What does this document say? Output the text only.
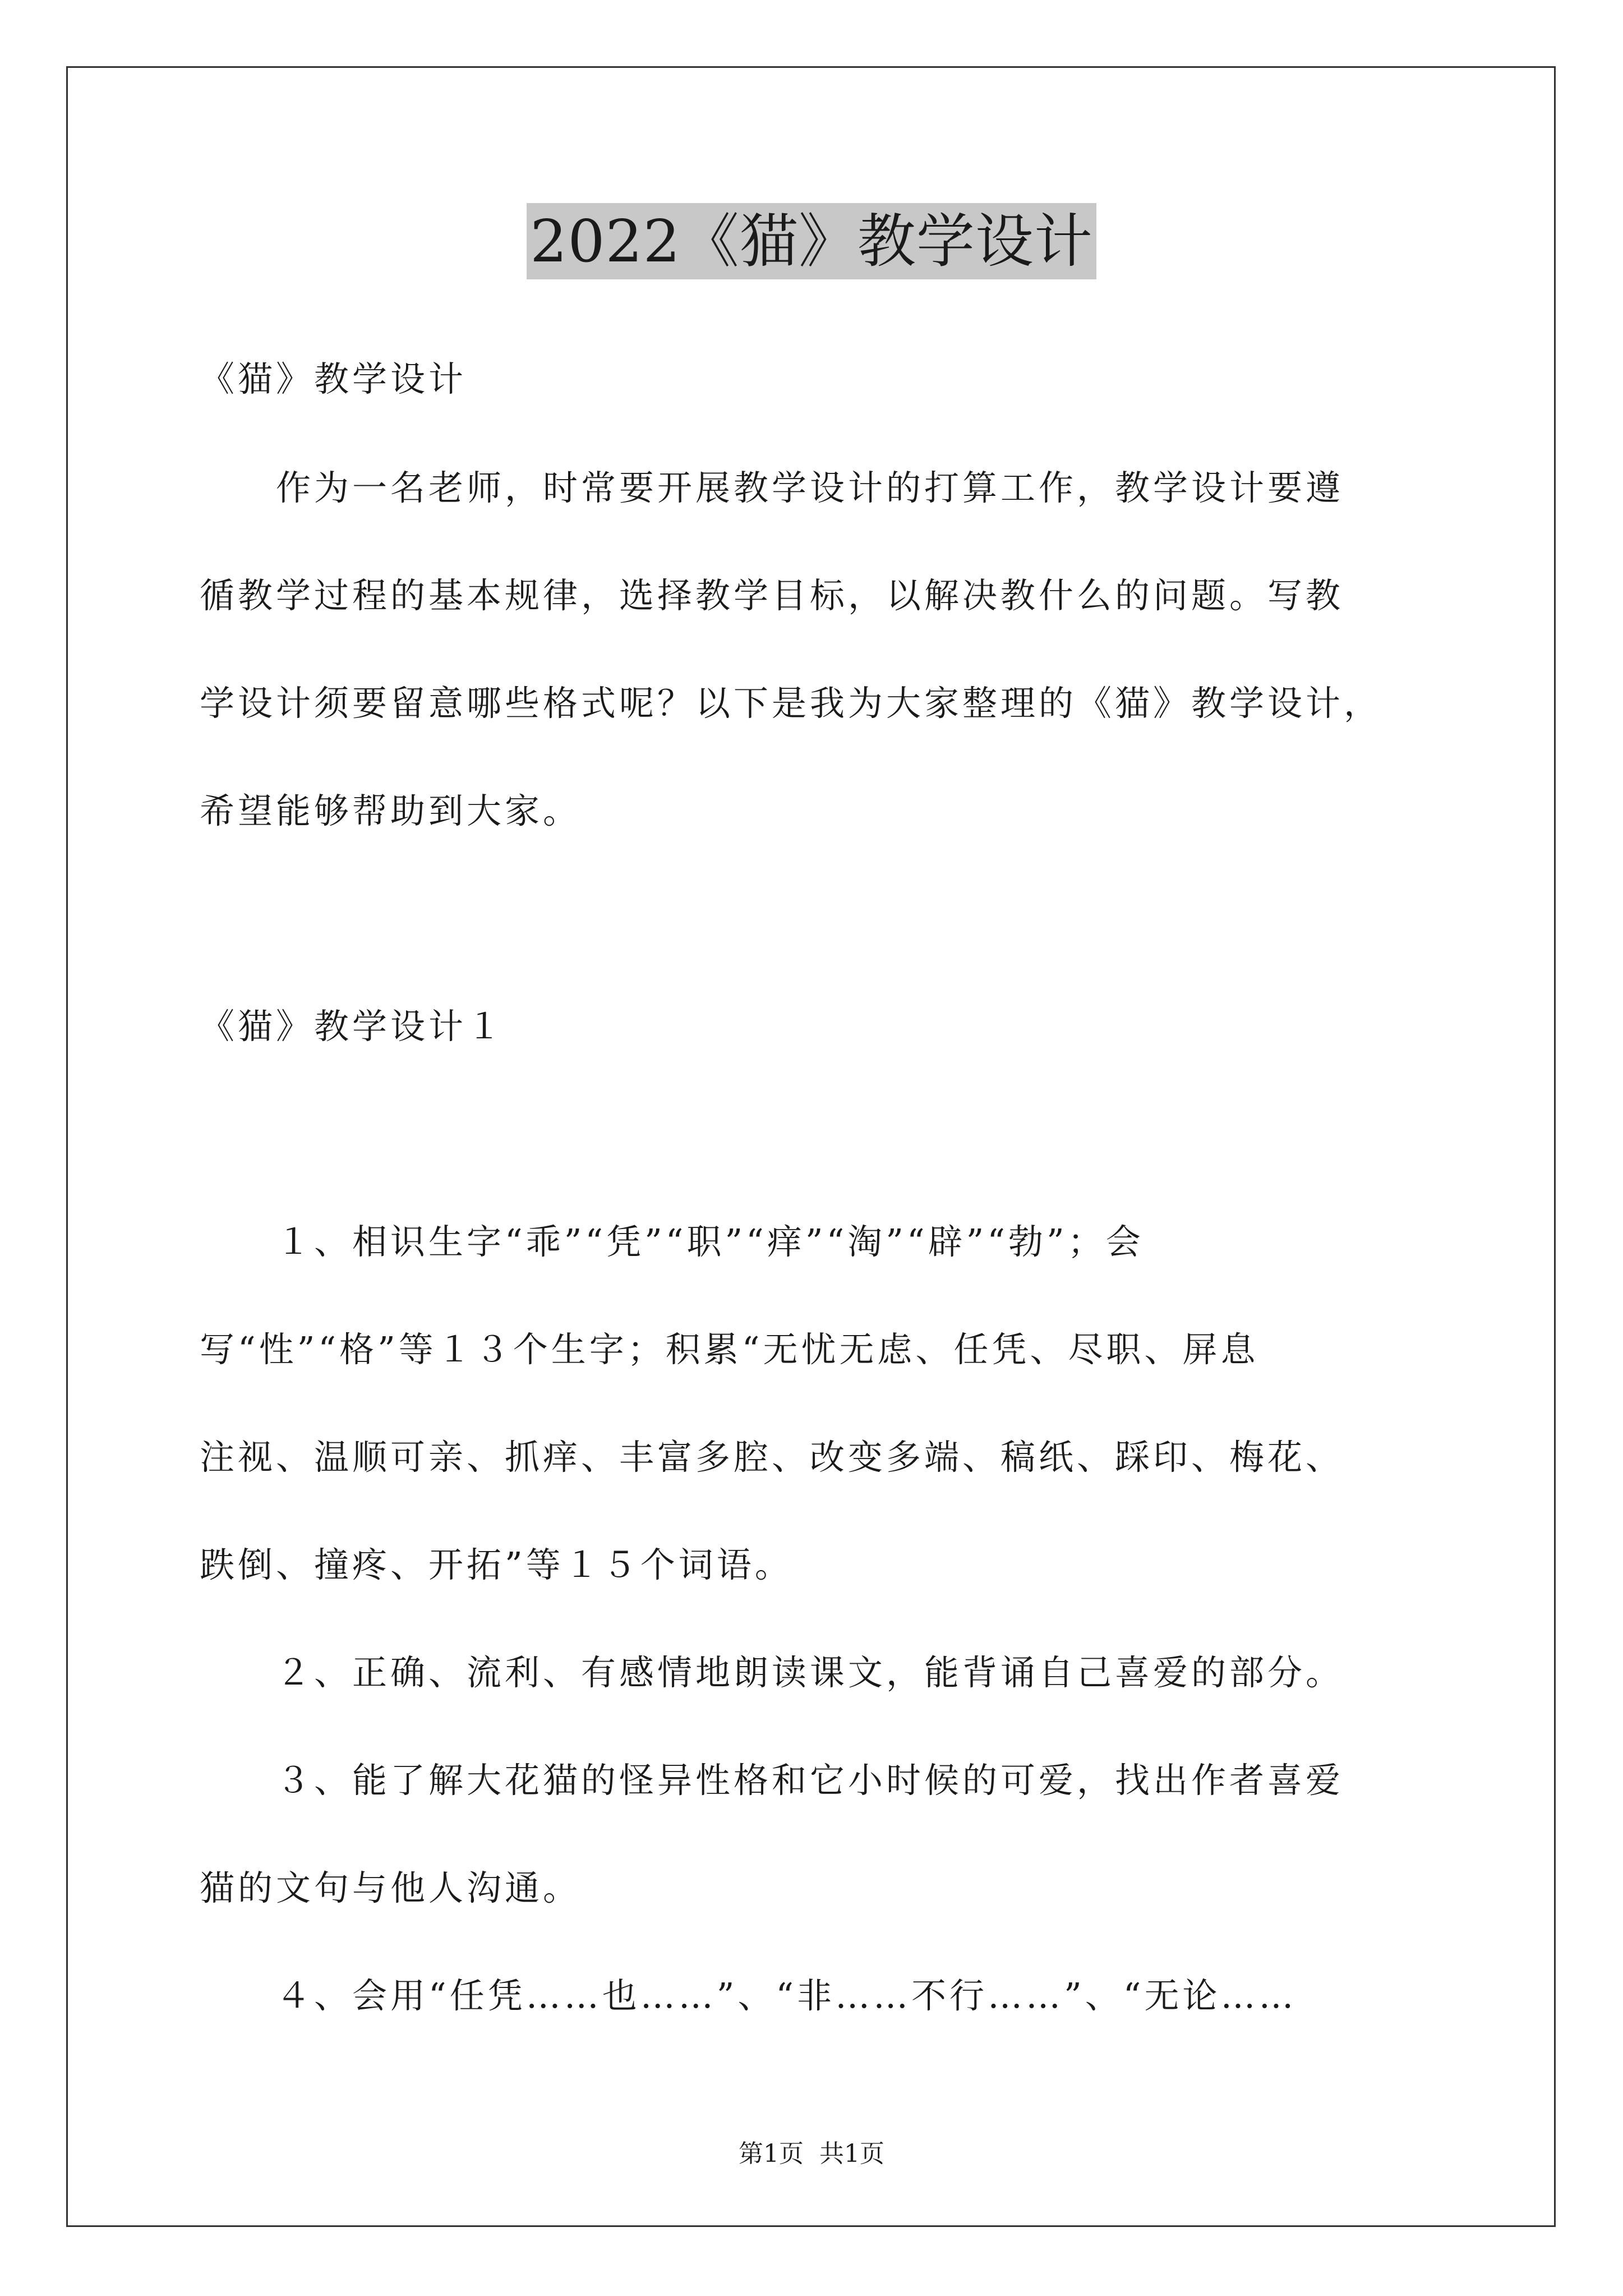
2022《猫》教学设计
《猫》教学设计
　　作为一名老师，时常要开展教学设计的打算工作，教学设计要遵
循教学过程的基本规律，选择教学目标，以解决教什么的问题。写教
学设计须要留意哪些格式呢？以下是我为大家整理的《猫》教学设计，
希望能够帮助到大家。
《猫》教学设计１
　　１、相识生字“乖”“凭”“职”“痒”“淘”“辟”“勃”；会
写“性”“格”等１３个生字；积累“无忧无虑、任凭、尽职、屏息
注视、温顺可亲、抓痒、丰富多腔、改变多端、稿纸、踩印、梅花、
跌倒、撞疼、开拓”等１５个词语。
　　２、正确、流利、有感情地朗读课文，能背诵自己喜爱的部分。
　　３、能了解大花猫的怪异性格和它小时候的可爱，找出作者喜爱
猫的文句与他人沟通。
　　４、会用“任凭……也……”、“非……不行……”、“无论……
第1页 共1页
